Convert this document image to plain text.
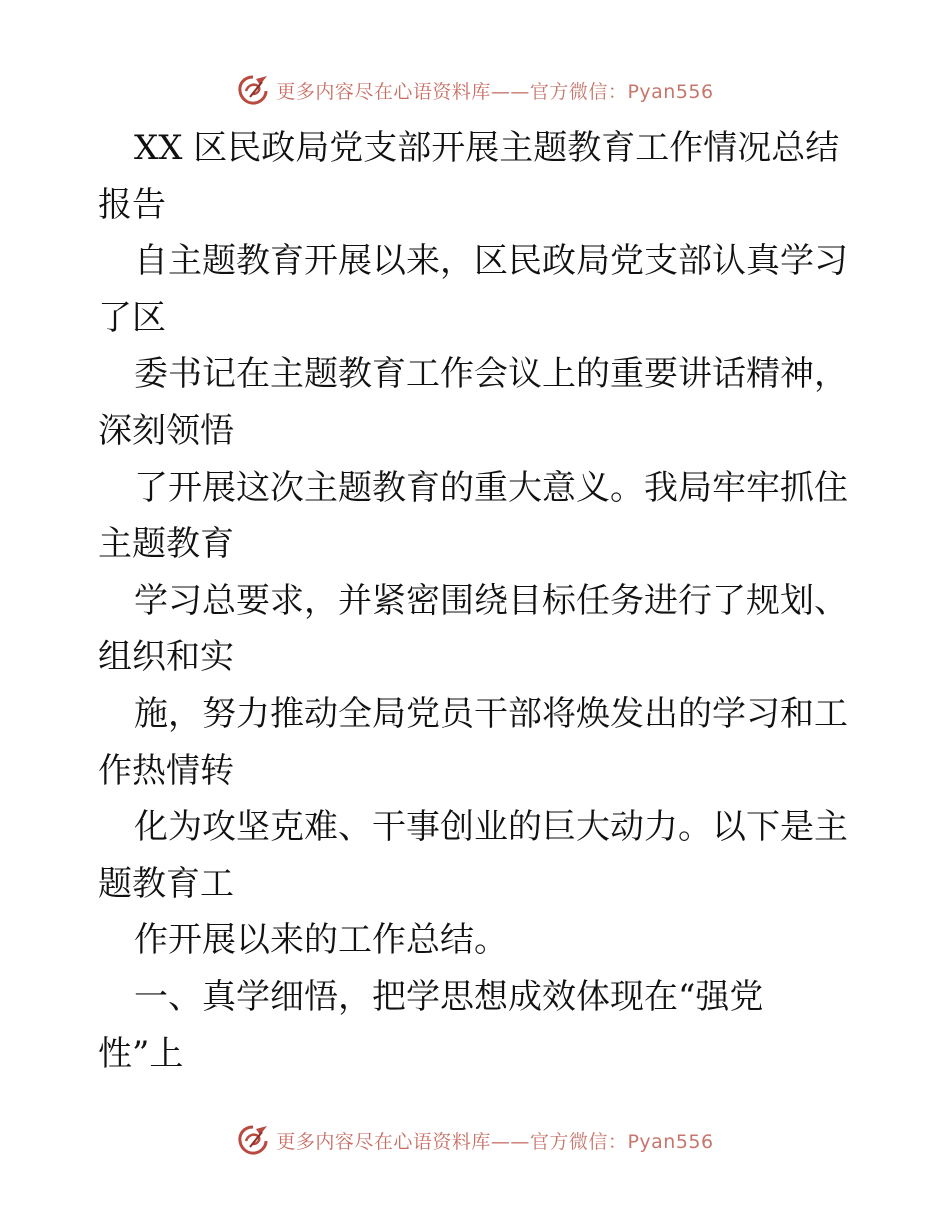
更多内容尽在心语资料库——官方微信：Pyan556
XX 区民政局党支部开展主题教育工作情况总结
报告
自主题教育开展以来，区民政局党支部认真学习
了区
委书记在主题教育工作会议上的重要讲话精神，
深刻领悟
了开展这次主题教育的重大意义。我局牢牢抓住
主题教育
学习总要求，并紧密围绕目标任务进行了规划、
组织和实
施，努力推动全局党员干部将焕发出的学习和工
作热情转
化为攻坚克难、干事创业的巨大动力。以下是主
题教育工
作开展以来的工作总结。
一、真学细悟，把学思想成效体现在“强党
性”上
更多内容尽在心语资料库——官方微信：Pyan556
